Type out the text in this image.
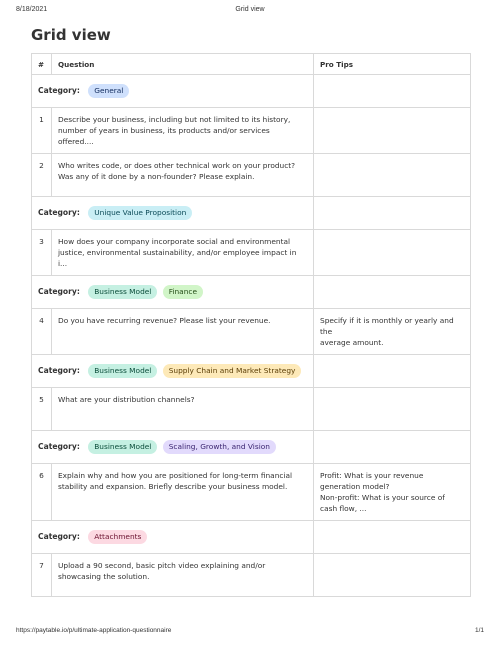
8/18/2021	Grid view
Grid view
#	Question	Pro Tips
Category: General		
1	Describe your business, including but not limited to its history,
number of years in business, its products and/or services offered....	
2	Who writes code, or does other technical work on your product?
Was any of it done by a non-founder? Please explain.	
Category: Unique Value Proposition		
3	How does your company incorporate social and environmental
justice, environmental sustainability, and/or employee impact in i...	
Category: Business Model Finance		
4	Do you have recurring revenue? Please list your revenue.	Specify if it is monthly or yearly and the
average amount.
Category: Business Model Supply Chain and Market Strategy		
5	What are your distribution channels?	
Category: Business Model Scaling, Growth, and Vision		
6	Explain why and how you are positioned for long-term financial
stability and expansion. Briefly describe your business model.	Profit: What is your revenue generation model?
Non-profit: What is your source of cash flow, ...
Category: Attachments		
7	Upload a 90 second, basic pitch video explaining and/or
showcasing the solution.	
https://paytable.io/p/ultimate-application-questionnaire	1/1
